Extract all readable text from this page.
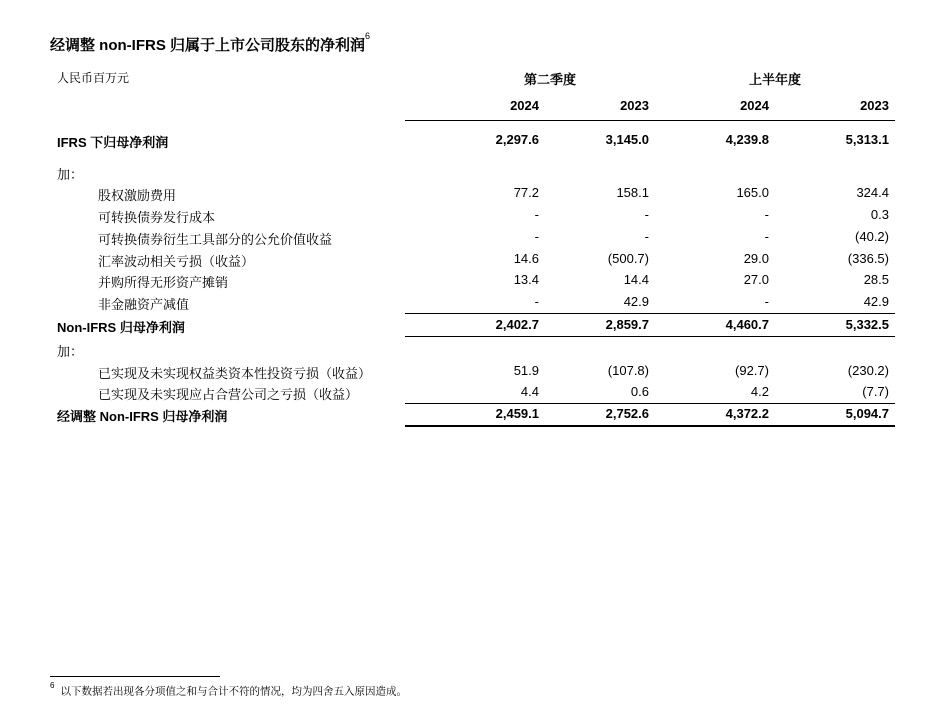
经调整 non-IFRS 归属于上市公司股东的净利润$^6$
人民币百万元	第二季度	上半年度
2024	2023	2024	2023
IFRS 下归母净利润	2,297.6	3,145.0	4,239.8	5,313.1
加：
股权激励费用	77.2	158.1	165.0	324.4
可转换债券发行成本	-	-	-	0.3
可转换债券衍生工具部分的公允价值收益	-	-	-	(40.2)
汇率波动相关亏损（收益）	14.6	(500.7)	29.0	(336.5)
并购所得无形资产摊销	13.4	14.4	27.0	28.5
非金融资产减值	-	42.9	-	42.9
Non-IFRS 归母净利润	2,402.7	2,859.7	4,460.7	5,332.5
加：
已实现及未实现权益类资本性投资亏损（收益）	51.9	(107.8)	(92.7)	(230.2)
已实现及未实现应占合营公司之亏损（收益）	4.4	0.6	4.2	(7.7)
经调整 Non-IFRS 归母净利润	2,459.1	2,752.6	4,372.2	5,094.7
$^6$ 以下数据若出现各分项值之和与合计不符的情况，均为四舍五入原因造成。
